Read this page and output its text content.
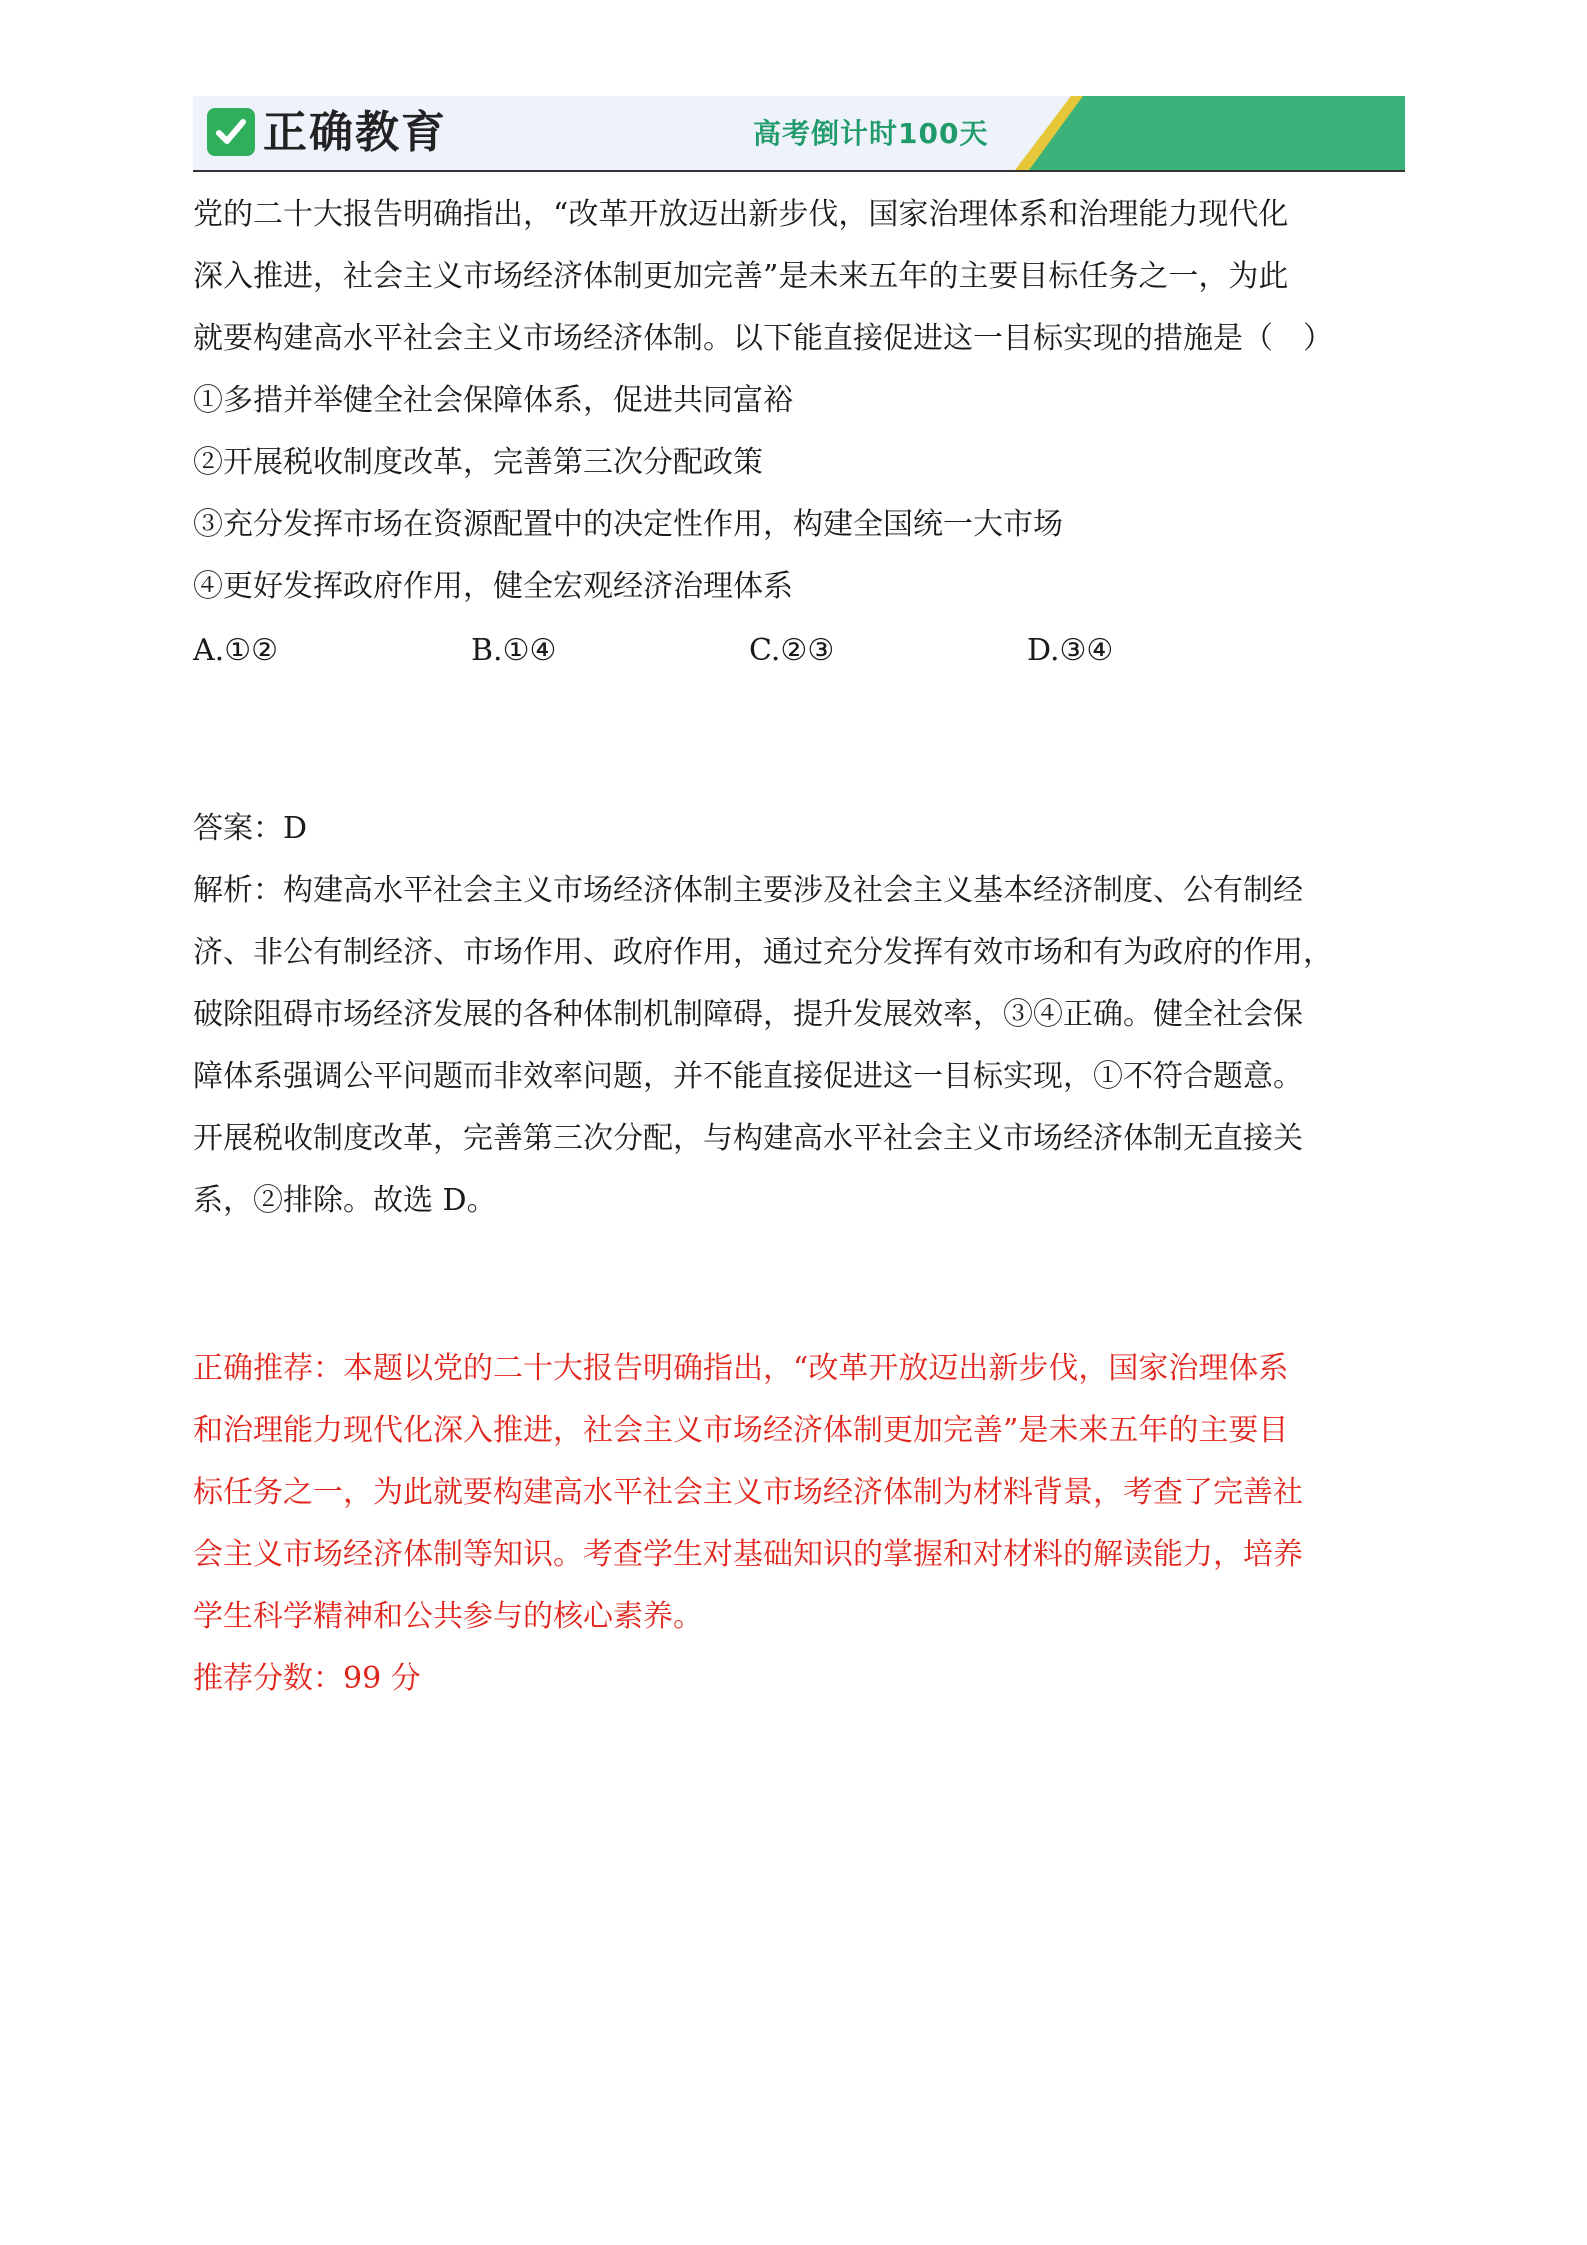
正确教育	高考倒计时100天
每日一题

党的二十大报告明确指出，“改革开放迈出新步伐，国家治理体系和治理能力现代化

深入推进，社会主义市场经济体制更加完善”是未来五年的主要目标任务之一，为此

就要构建高水平社会主义市场经济体制。以下能直接促进这一目标实现的措施是（　）

①多措并举健全社会保障体系，促进共同富裕

②开展税收制度改革，完善第三次分配政策

③充分发挥市场在资源配置中的决定性作用，构建全国统一大市场

④更好发挥政府作用，健全宏观经济治理体系

A.①②	B.①④	C.②③	D.③④

答案：D

解析：构建高水平社会主义市场经济体制主要涉及社会主义基本经济制度、公有制经

济、非公有制经济、市场作用、政府作用，通过充分发挥有效市场和有为政府的作用，

破除阻碍市场经济发展的各种体制机制障碍，提升发展效率，③④正确。健全社会保

障体系强调公平问题而非效率问题，并不能直接促进这一目标实现，①不符合题意。

开展税收制度改革，完善第三次分配，与构建高水平社会主义市场经济体制无直接关

系，②排除。故选 D。

正确推荐：本题以党的二十大报告明确指出，“改革开放迈出新步伐，国家治理体系

和治理能力现代化深入推进，社会主义市场经济体制更加完善”是未来五年的主要目

标任务之一，为此就要构建高水平社会主义市场经济体制为材料背景，考查了完善社

会主义市场经济体制等知识。考查学生对基础知识的掌握和对材料的解读能力，培养

学生科学精神和公共参与的核心素养。

推荐分数：99 分
